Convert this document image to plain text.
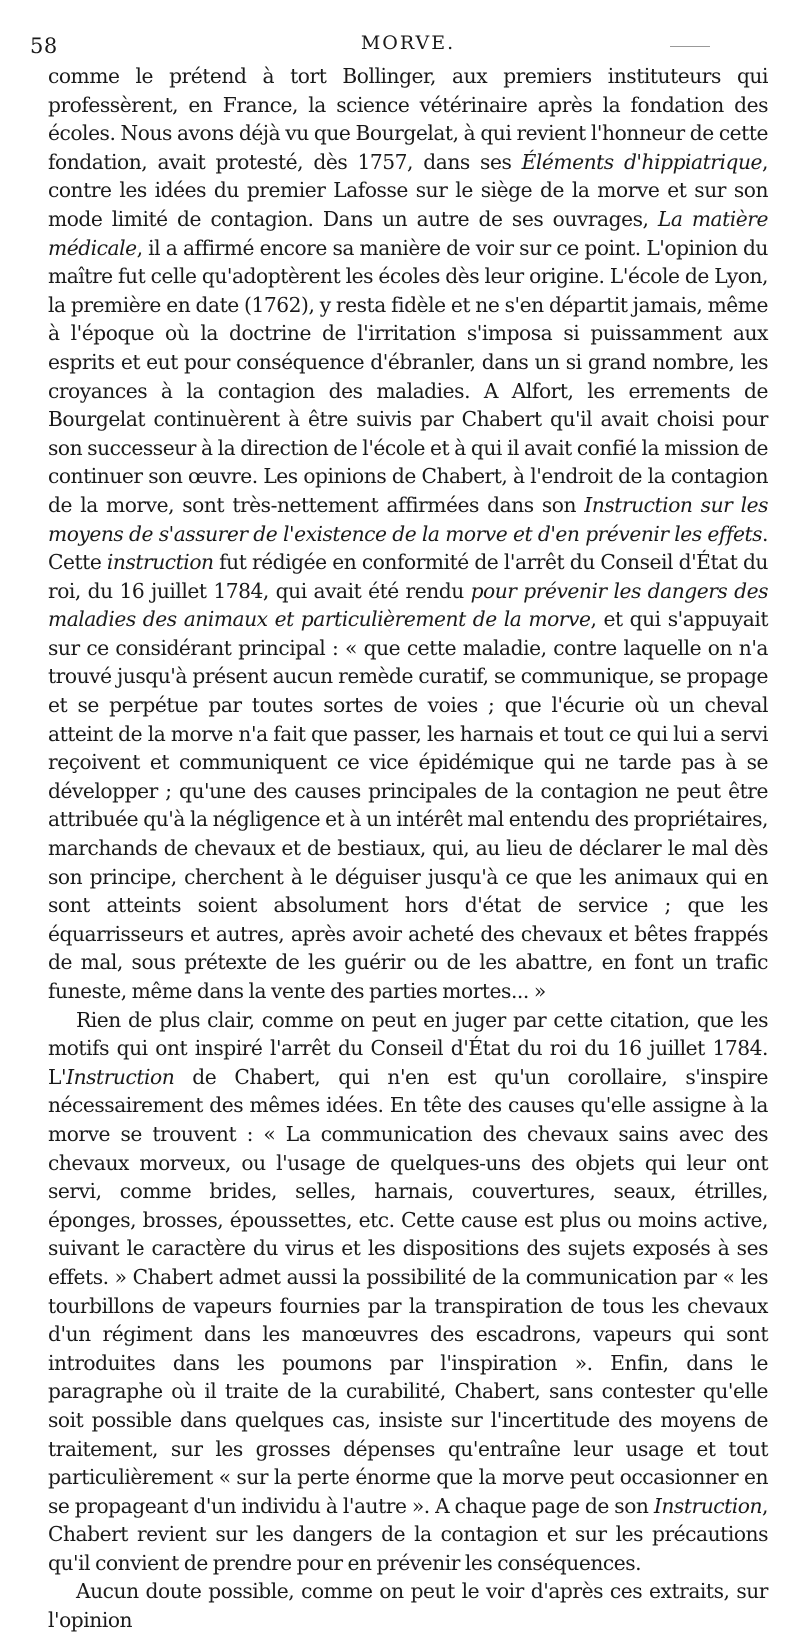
58	MORVE.

comme le prétend à tort Bollinger, aux premiers instituteurs qui professèrent, en France, la science vétérinaire après la fondation des écoles. Nous avons déjà vu que Bourgelat, à qui revient l'honneur de cette fondation, avait protesté, dès 1757, dans ses Éléments d'hippiatrique, contre les idées du premier Lafosse sur le siège de la morve et sur son mode limité de contagion. Dans un autre de ses ouvrages, La matière médicale, il a affirmé encore sa manière de voir sur ce point. L'opinion du maître fut celle qu'adoptèrent les écoles dès leur origine. L'école de Lyon, la première en date (1762), y resta fidèle et ne s'en départit jamais, même à l'époque où la doctrine de l'irritation s'imposa si puissamment aux esprits et eut pour conséquence d'ébranler, dans un si grand nombre, les croyances à la contagion des maladies. A Alfort, les errements de Bourgelat continuèrent à être suivis par Chabert qu'il avait choisi pour son successeur à la direction de l'école et à qui il avait confié la mission de continuer son œuvre. Les opinions de Chabert, à l'endroit de la contagion de la morve, sont très-nettement affirmées dans son Instruction sur les moyens de s'assurer de l'existence de la morve et d'en prévenir les effets. Cette instruction fut rédigée en conformité de l'arrêt du Conseil d'État du roi, du 16 juillet 1784, qui avait été rendu pour prévenir les dangers des maladies des animaux et particulièrement de la morve, et qui s'appuyait sur ce considérant principal : « que cette maladie, contre laquelle on n'a trouvé jusqu'à présent aucun remède curatif, se communique, se propage et se perpétue par toutes sortes de voies ; que l'écurie où un cheval atteint de la morve n'a fait que passer, les harnais et tout ce qui lui a servi reçoivent et communiquent ce vice épidémique qui ne tarde pas à se développer ; qu'une des causes principales de la contagion ne peut être attribuée qu'à la négligence et à un intérêt mal entendu des propriétaires, marchands de chevaux et de bestiaux, qui, au lieu de déclarer le mal dès son principe, cherchent à le déguiser jusqu'à ce que les animaux qui en sont atteints soient absolument hors d'état de service ; que les équarrisseurs et autres, après avoir acheté des chevaux et bêtes frappés de mal, sous prétexte de les guérir ou de les abattre, en font un trafic funeste, même dans la vente des parties mortes... »

Rien de plus clair, comme on peut en juger par cette citation, que les motifs qui ont inspiré l'arrêt du Conseil d'État du roi du 16 juillet 1784. L'Instruction de Chabert, qui n'en est qu'un corollaire, s'inspire nécessairement des mêmes idées. En tête des causes qu'elle assigne à la morve se trouvent : « La communication des chevaux sains avec des chevaux morveux, ou l'usage de quelques-uns des objets qui leur ont servi, comme brides, selles, harnais, couvertures, seaux, étrilles, éponges, brosses, époussettes, etc. Cette cause est plus ou moins active, suivant le caractère du virus et les dispositions des sujets exposés à ses effets. » Chabert admet aussi la possibilité de la communication par « les tourbillons de vapeurs fournies par la transpiration de tous les chevaux d'un régiment dans les manœuvres des escadrons, vapeurs qui sont introduites dans les poumons par l'inspiration ». Enfin, dans le paragraphe où il traite de la curabilité, Chabert, sans contester qu'elle soit possible dans quelques cas, insiste sur l'incertitude des moyens de traitement, sur les grosses dépenses qu'entraîne leur usage et tout particulièrement « sur la perte énorme que la morve peut occasionner en se propageant d'un individu à l'autre ». A chaque page de son Instruction, Chabert revient sur les dangers de la contagion et sur les précautions qu'il convient de prendre pour en prévenir les conséquences.

Aucun doute possible, comme on peut le voir d'après ces extraits, sur l'opinion
